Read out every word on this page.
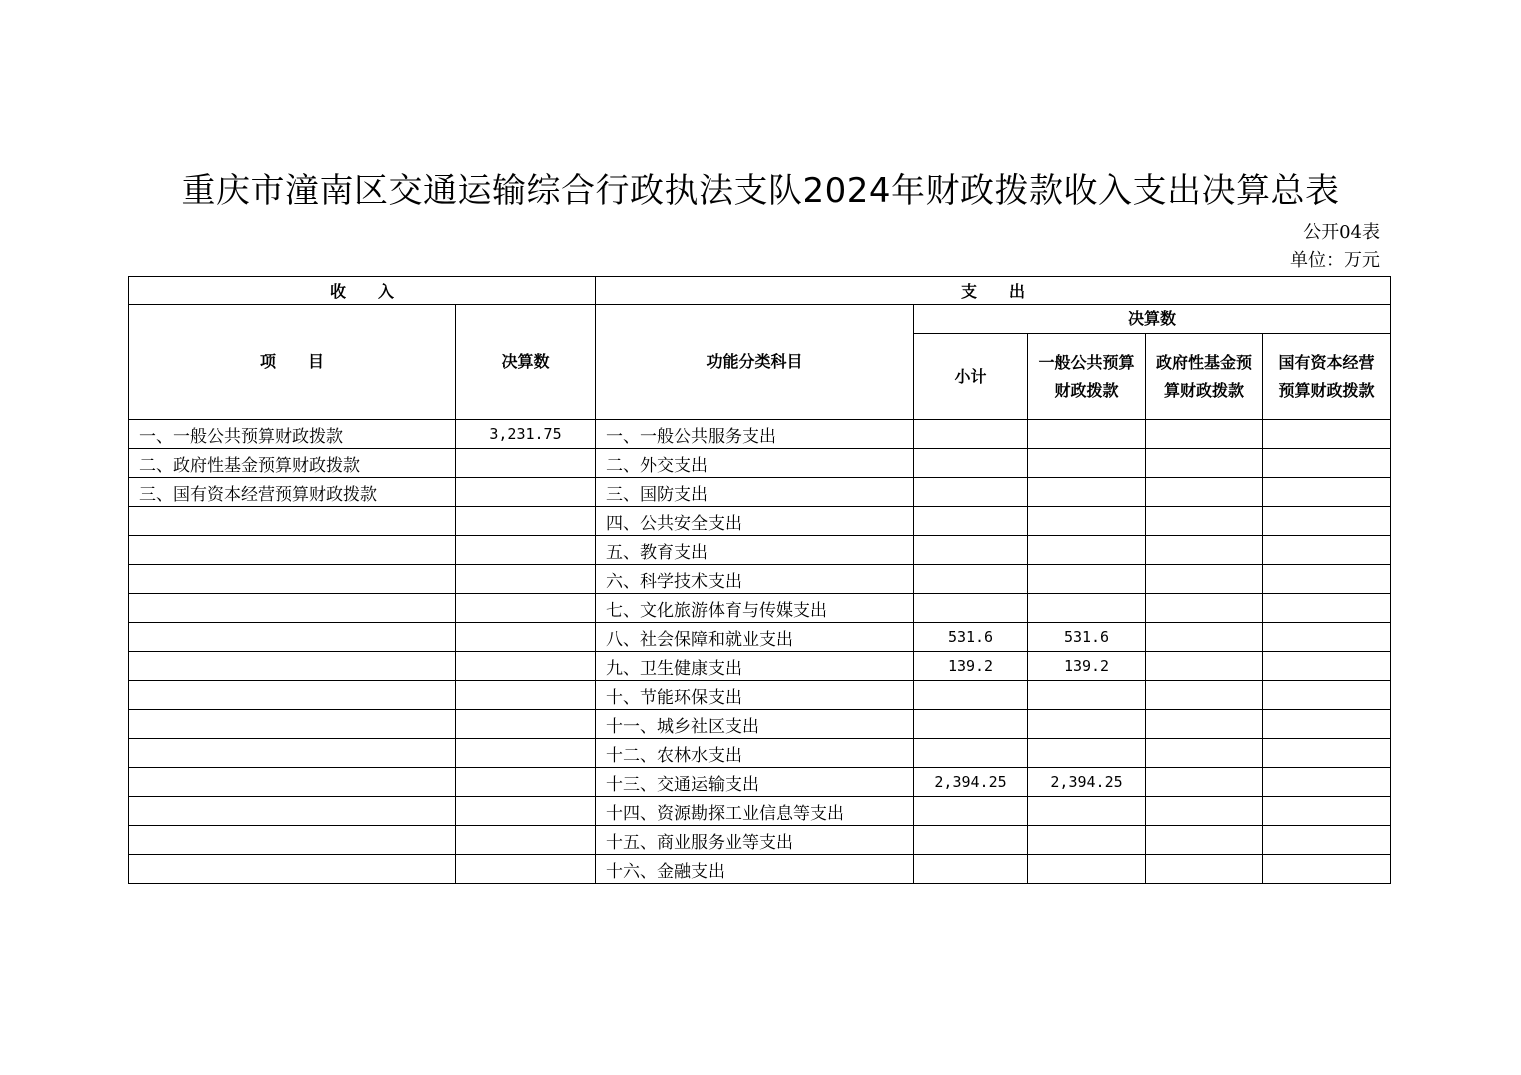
重庆市潼南区交通运输综合行政执法支队2024年财政拨款收入支出决算总表
公开04表
单位：万元
收　　入		支　　出				
项　　目	决算数	功能分类科目	决算数			
			小计	一般公共预算财政拨款	政府性基金预算财政拨款	国有资本经营预算财政拨款
一、一般公共预算财政拨款	3,231.75	一、一般公共服务支出				
二、政府性基金预算财政拨款		二、外交支出				
三、国有资本经营预算财政拨款		三、国防支出				
		四、公共安全支出				
		五、教育支出				
		六、科学技术支出				
		七、文化旅游体育与传媒支出				
		八、社会保障和就业支出	531.6	531.6		
		九、卫生健康支出	139.2	139.2		
		十、节能环保支出				
		十一、城乡社区支出				
		十二、农林水支出				
		十三、交通运输支出	2,394.25	2,394.25		
		十四、资源勘探工业信息等支出				
		十五、商业服务业等支出				
		十六、金融支出				
